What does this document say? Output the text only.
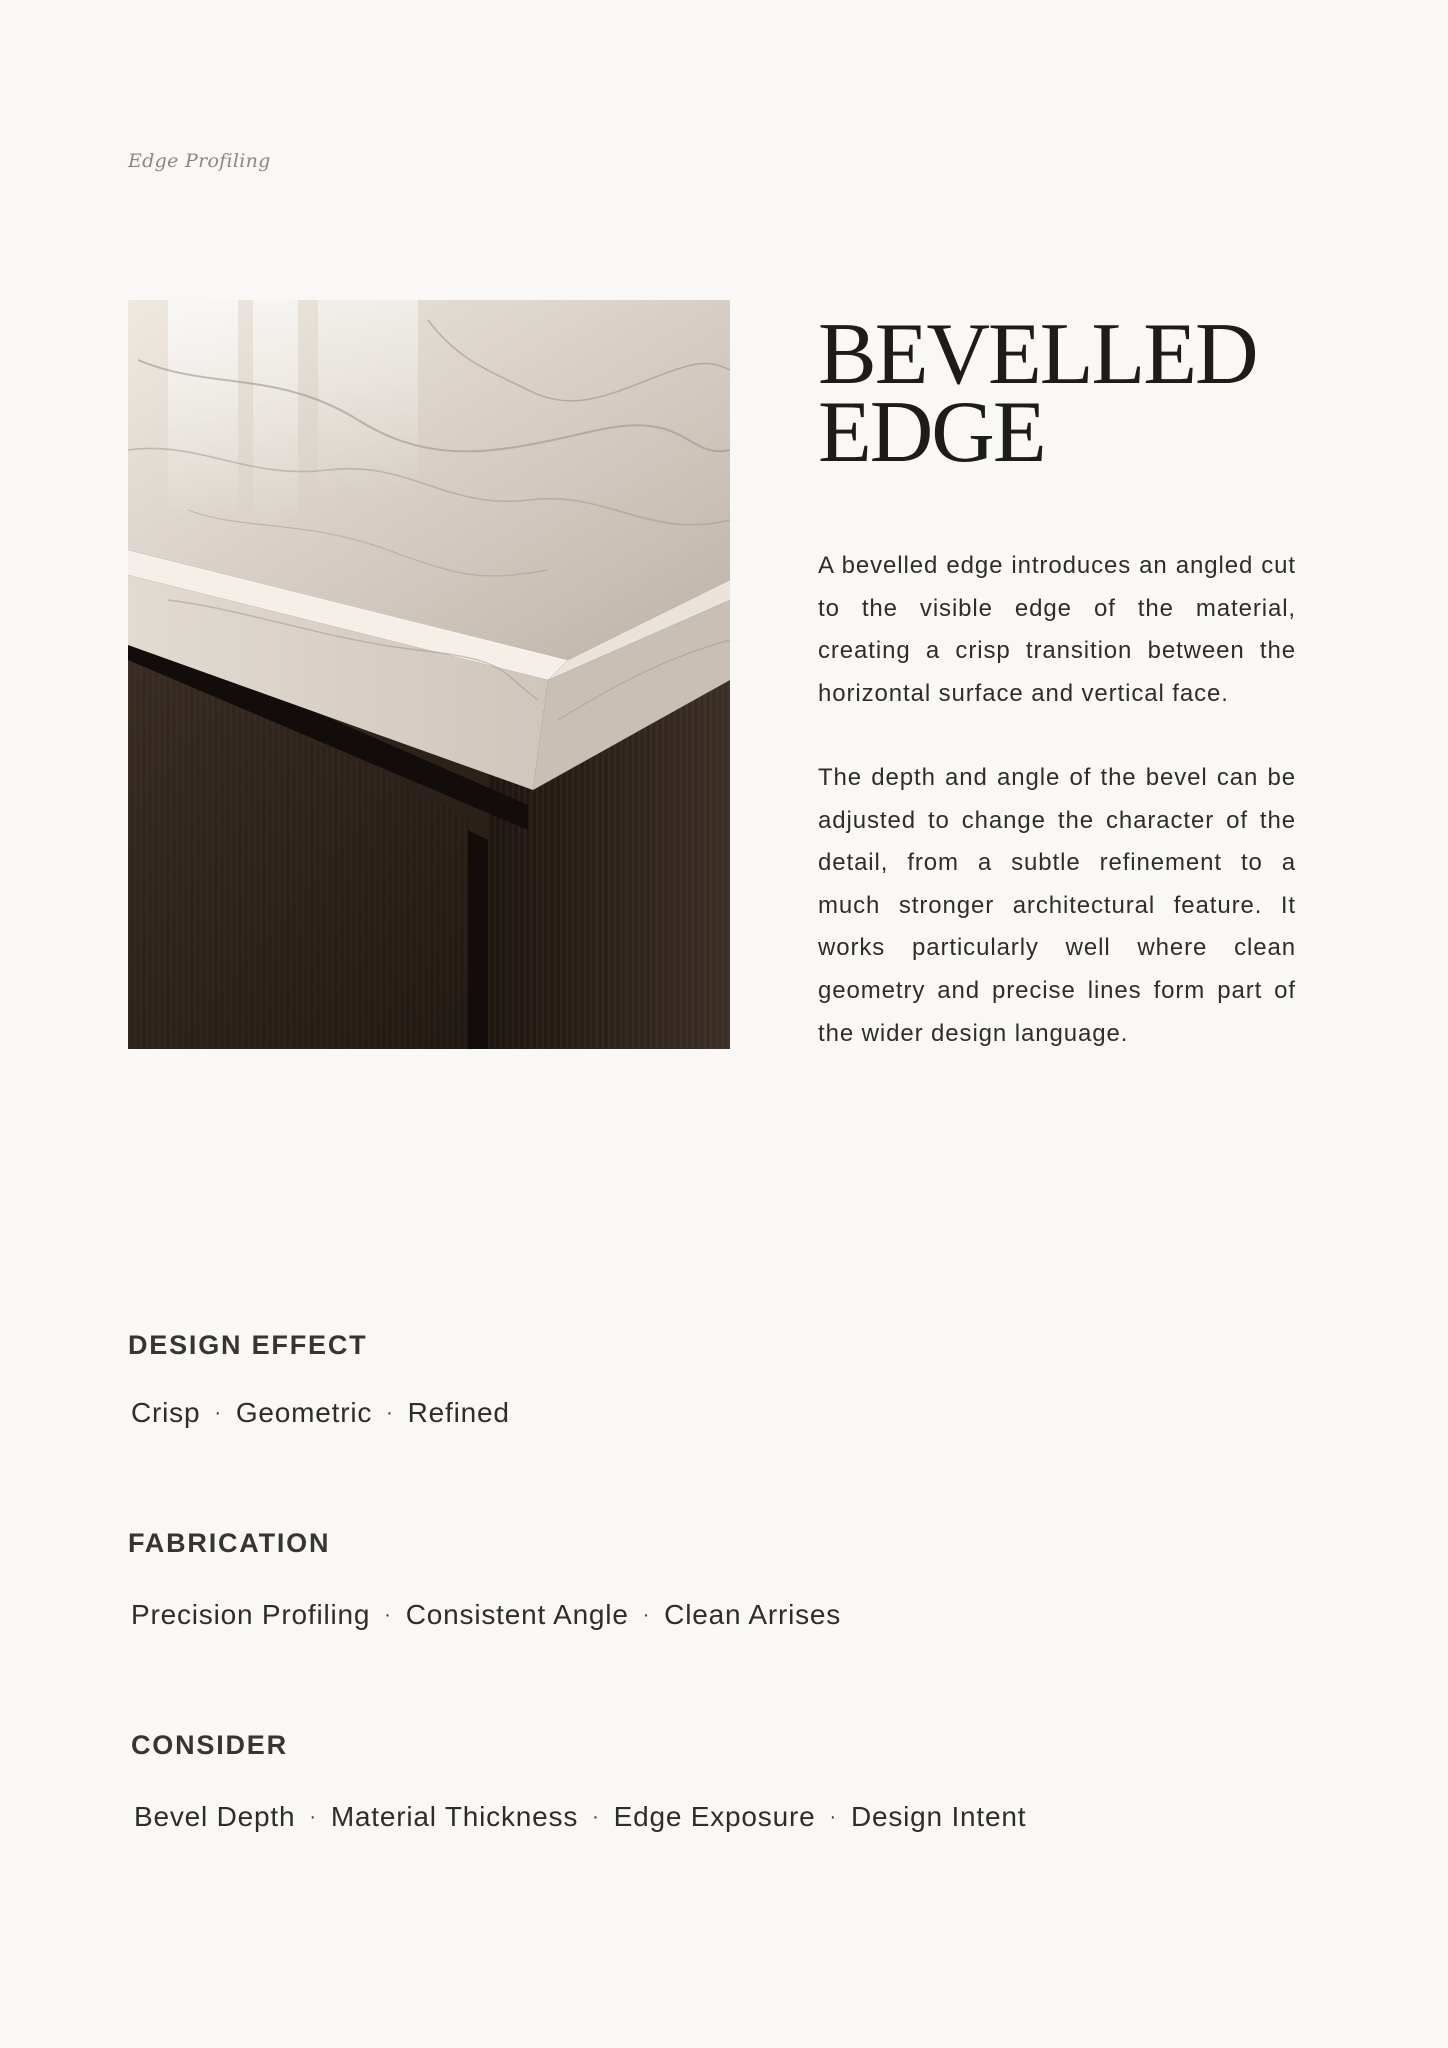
Edge Profiling
BEVELLED
EDGE

A bevelled edge introduces an angled cut to the visible edge of the material, creating a crisp transition between the horizontal surface and vertical face.

The depth and angle of the bevel can be adjusted to change the character of the detail, from a subtle refinement to a much stronger architectural feature. It works particularly well where clean geometry and precise lines form part of the wider design language.

DESIGN EFFECT
Crisp · Geometric · Refined
FABRICATION
Precision Profiling · Consistent Angle · Clean Arrises
CONSIDER
Bevel Depth · Material Thickness · Edge Exposure · Design Intent
